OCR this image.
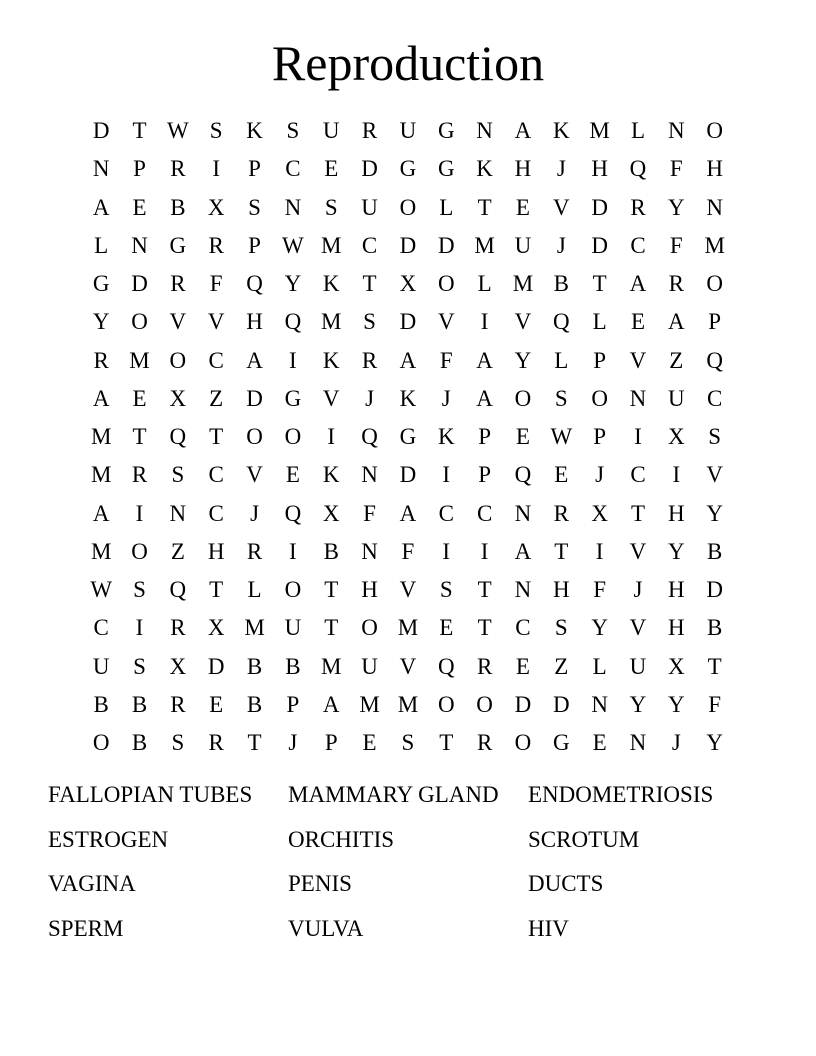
Reproduction
D	T W S	K	S	U R U G N A K M L	N O
N	P	R	I	P	C	E	D G G K H	J	H Q	F	H
A	E	B X	S	N	S	U O	L	T	E	V D R Y N
L	N G R	P W M C D D M U	J	D C	F M
G D R	F	Q Y K	T	X O	L M B	T	A R O
Y O V V H Q M S	D V	I	V Q	L	E	A	P
R M O C A	I	K R A	F	A Y	L	P	V	Z	Q
A	E	X	Z	D G V	J	K	J	A O	S	O N U C
M T	Q	T	O O	I	Q G K	P	E W P	I	X	S
M R	S	C V	E	K N D	I	P	Q	E	J	C	I	V
A	I	N C	J	Q X	F	A C	C N R X	T	H Y
M O	Z	H R	I	B N	F	I	I	A	T	I	V Y B
W S	Q	T	L	O	T	H V	S	T	N H	F	J	H D
C	I	R X M U	T	O M E	T	C	S	Y V H B
U	S	X D B	B M U V Q R	E	Z	L	U X	T
B	B	R	E	B	P	A M M O O D D N Y Y	F
O B	S	R	T	J	P	E	S	T	R O G	E	N	J	Y
FALLOPIAN TUBES	MAMMARY GLAND	ENDOMETRIOSIS
ESTROGEN	ORCHITIS	SCROTUM
VAGINA	PENIS	DUCTS
SPERM	VULVA	HIV
